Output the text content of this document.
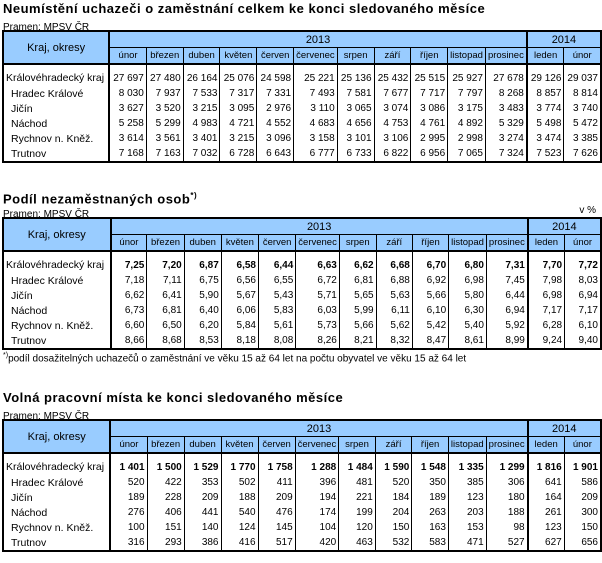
Neumístění uchazeči o zaměstnání celkem ke konci sledovaného měsíce
Pramen: MPSV ČR
Kraj, okresy	2013											2014	
	únor	březen	duben	květen	červen	červenec	srpen	září	říjen	listopad	prosinec	leden	únor
Královéhradecký kraj	27 697	27 480	26 164	25 076	24 598	25 221	25 136	25 432	25 515	25 927	27 678	29 126	29 037
Hradec Králové	8 030	7 937	7 533	7 317	7 331	7 493	7 581	7 677	7 717	7 797	8 268	8 857	8 814
Jičín	3 627	3 520	3 215	3 095	2 976	3 110	3 065	3 074	3 086	3 175	3 483	3 774	3 740
Náchod	5 258	5 299	4 983	4 721	4 552	4 683	4 656	4 753	4 761	4 892	5 329	5 498	5 472
Rychnov n. Kněž.	3 614	3 561	3 401	3 215	3 096	3 158	3 101	3 106	2 995	2 998	3 274	3 474	3 385
Trutnov	7 168	7 163	7 032	6 728	6 643	6 777	6 733	6 822	6 956	7 065	7 324	7 523	7 626
Podíl nezaměstnaných osob*)
Pramen: MPSV ČR	v %
Kraj, okresy	2013											2014	
	únor	březen	duben	květen	červen	červenec	srpen	září	říjen	listopad	prosinec	leden	únor
Královéhradecký kraj	7,25	7,20	6,87	6,58	6,44	6,63	6,62	6,68	6,70	6,80	7,31	7,70	7,72
Hradec Králové	7,18	7,11	6,75	6,56	6,55	6,72	6,81	6,88	6,92	6,98	7,45	7,98	8,03
Jičín	6,62	6,41	5,90	5,67	5,43	5,71	5,65	5,63	5,66	5,80	6,44	6,98	6,94
Náchod	6,73	6,81	6,40	6,06	5,83	6,03	5,99	6,11	6,10	6,30	6,94	7,17	7,17
Rychnov n. Kněž.	6,60	6,50	6,20	5,84	5,61	5,73	5,66	5,62	5,42	5,40	5,92	6,28	6,10
Trutnov	8,66	8,68	8,53	8,18	8,08	8,26	8,21	8,32	8,47	8,61	8,99	9,24	9,40
*)podíl dosažitelných uchazečů o zaměstnání ve věku 15 až 64 let na počtu obyvatel ve věku 15 až 64 let
Volná pracovní místa ke konci sledovaného měsíce
Pramen: MPSV ČR
Kraj, okresy	2013											2014	
	únor	březen	duben	květen	červen	červenec	srpen	září	říjen	listopad	prosinec	leden	únor
Královéhradecký kraj	1 401	1 500	1 529	1 770	1 758	1 288	1 484	1 590	1 548	1 335	1 299	1 816	1 901
Hradec Králové	520	422	353	502	411	396	481	520	350	385	306	641	586
Jičín	189	228	209	188	209	194	221	184	189	123	180	164	209
Náchod	276	406	441	540	476	174	199	204	263	203	188	261	300
Rychnov n. Kněž.	100	151	140	124	145	104	120	150	163	153	98	123	150
Trutnov	316	293	386	416	517	420	463	532	583	471	527	627	656
